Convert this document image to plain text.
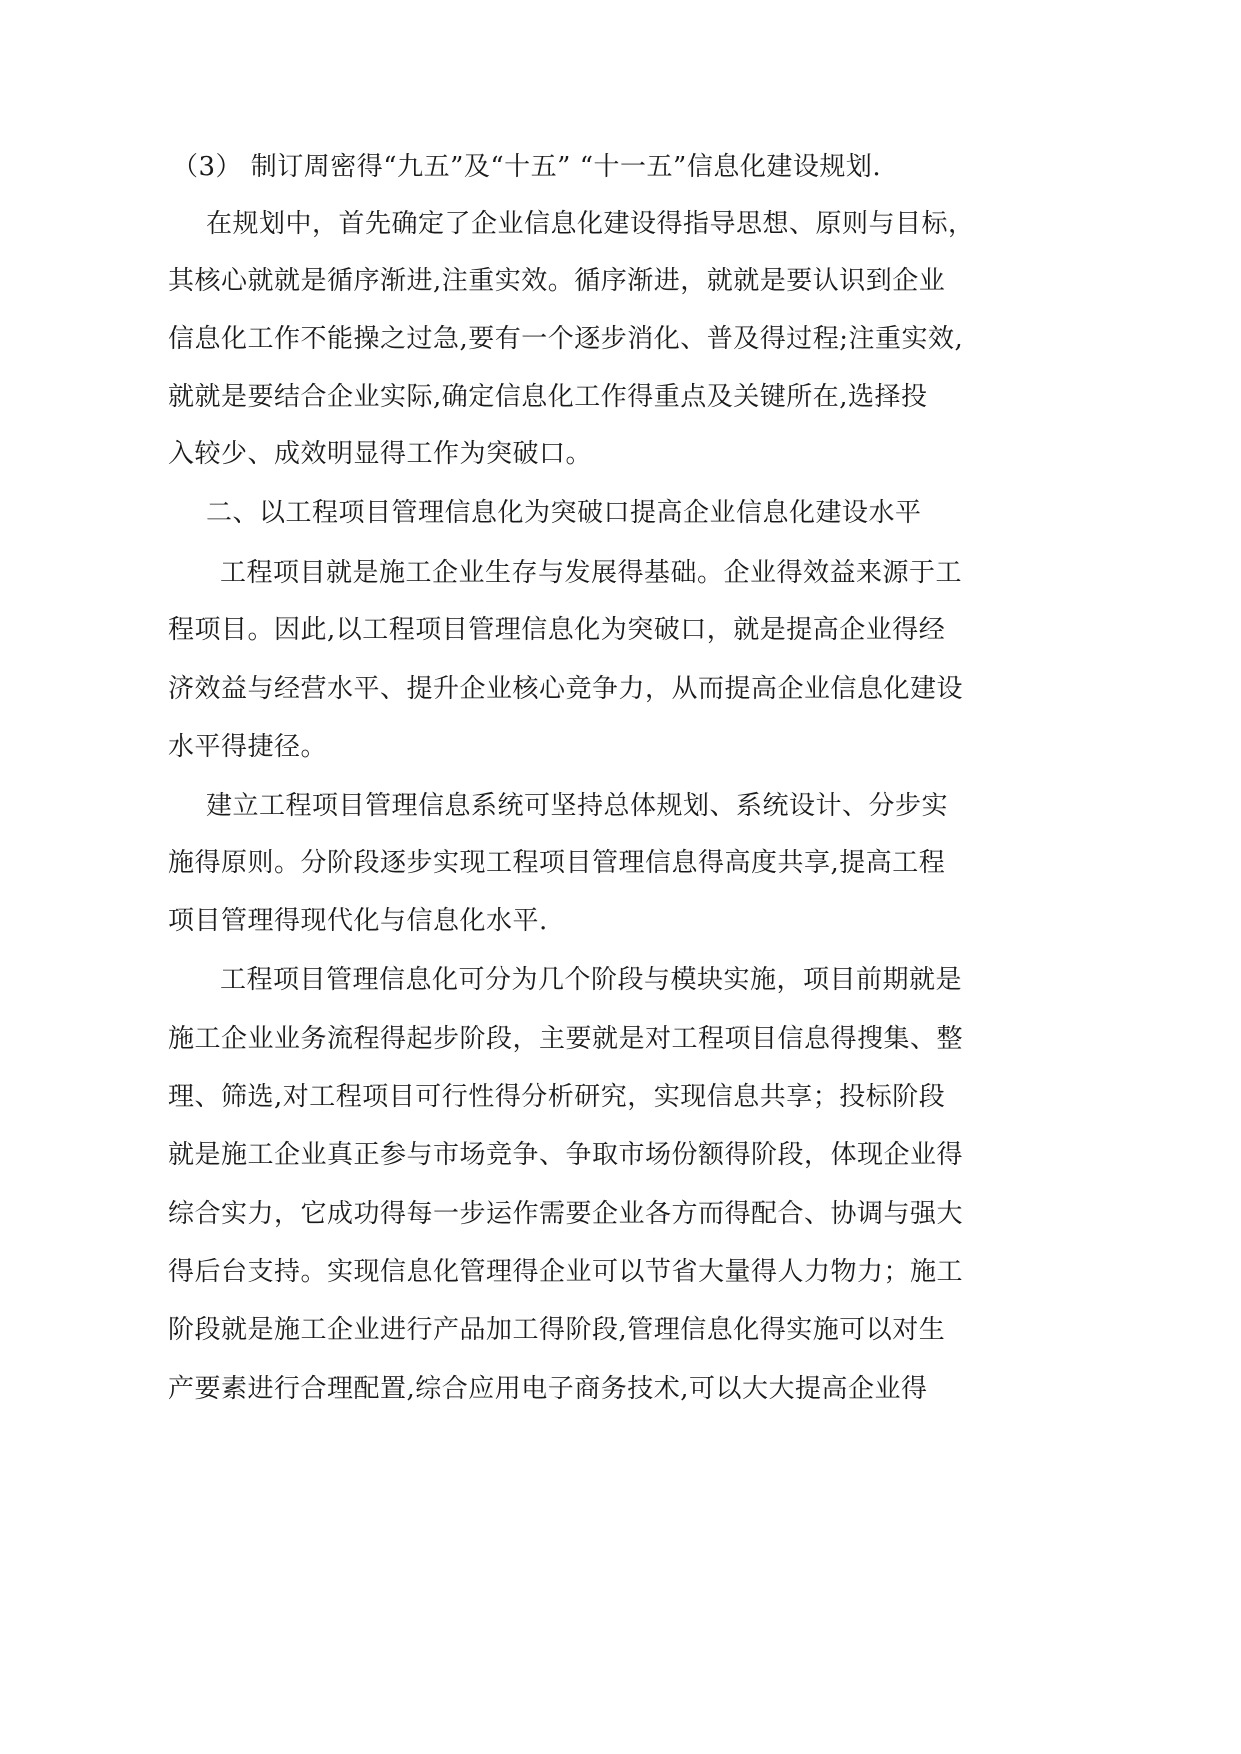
（3） 制订周密得“九五”及“十五” “十一五”信息化建设规划.
在规划中，首先确定了企业信息化建设得指导思想、原则与目标，
其核心就就是循序渐进,注重实效。循序渐进，就就是要认识到企业
信息化工作不能操之过急,要有一个逐步消化、普及得过程;注重实效,
就就是要结合企业实际,确定信息化工作得重点及关键所在,选择投
入较少、成效明显得工作为突破口。
二、以工程项目管理信息化为突破口提高企业信息化建设水平
工程项目就是施工企业生存与发展得基础。企业得效益来源于工
程项目。因此,以工程项目管理信息化为突破口，就是提高企业得经
济效益与经营水平、提升企业核心竞争力，从而提高企业信息化建设
水平得捷径。
建立工程项目管理信息系统可坚持总体规划、系统设计、分步实
施得原则。分阶段逐步实现工程项目管理信息得高度共享,提高工程
项目管理得现代化与信息化水平.
工程项目管理信息化可分为几个阶段与模块实施，项目前期就是
施工企业业务流程得起步阶段，主要就是对工程项目信息得搜集、整
理、筛选,对工程项目可行性得分析研究，实现信息共享；投标阶段
就是施工企业真正参与市场竞争、争取市场份额得阶段，体现企业得
综合实力，它成功得每一步运作需要企业各方而得配合、协调与强大
得后台支持。实现信息化管理得企业可以节省大量得人力物力；施工
阶段就是施工企业进行产品加工得阶段,管理信息化得实施可以对生
产要素进行合理配置,综合应用电子商务技术,可以大大提高企业得
